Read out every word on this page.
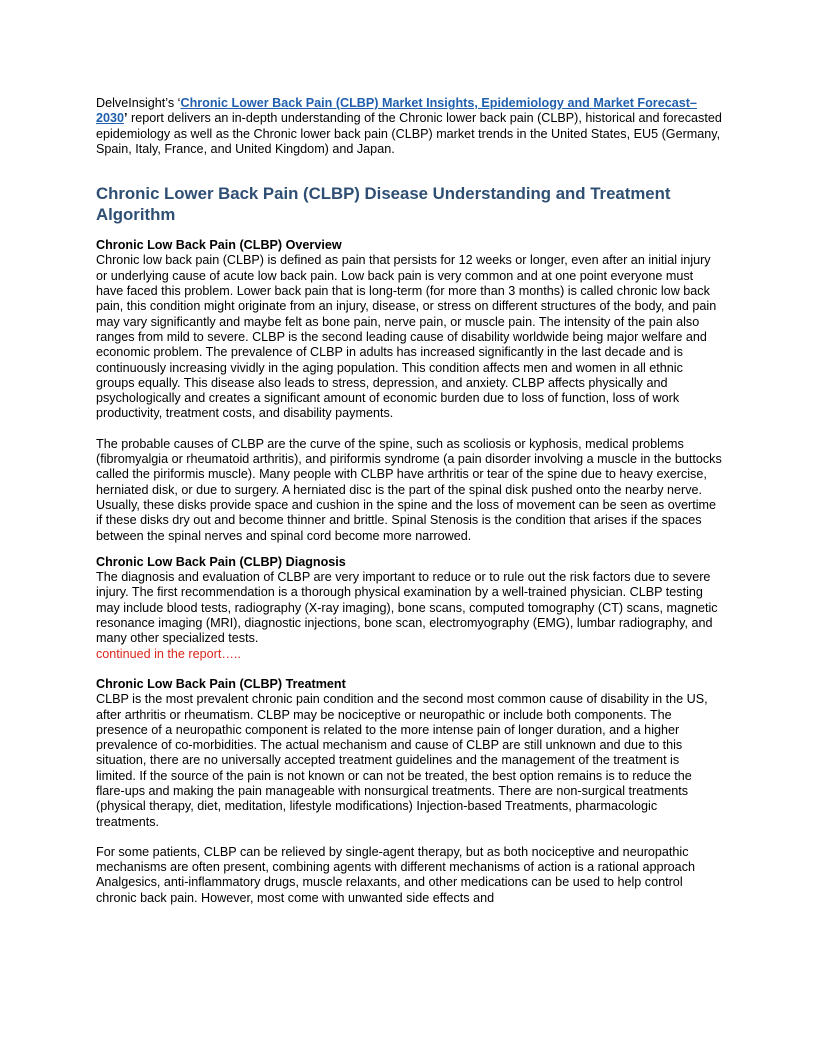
DelveInsight’s ‘Chronic Lower Back Pain (CLBP) Market Insights, Epidemiology and Market Forecast–2030’ report delivers an in-depth understanding of the Chronic lower back pain (CLBP), historical and forecasted epidemiology as well as the Chronic lower back pain (CLBP) market trends in the United States, EU5 (Germany, Spain, Italy, France, and United Kingdom) and Japan.

Chronic Lower Back Pain (CLBP) Disease Understanding and Treatment Algorithm
Chronic Low Back Pain (CLBP) Overview

Chronic low back pain (CLBP) is defined as pain that persists for 12 weeks or longer, even after an initial injury or underlying cause of acute low back pain. Low back pain is very common and at one point everyone must have faced this problem. Lower back pain that is long-term (for more than 3 months) is called chronic low back pain, this condition might originate from an injury, disease, or stress on different structures of the body, and pain may vary significantly and maybe felt as bone pain, nerve pain, or muscle pain. The intensity of the pain also ranges from mild to severe. CLBP is the second leading cause of disability worldwide being major welfare and economic problem. The prevalence of CLBP in adults has increased significantly in the last decade and is continuously increasing vividly in the aging population. This condition affects men and women in all ethnic groups equally. This disease also leads to stress, depression, and anxiety. CLBP affects physically and psychologically and creates a significant amount of economic burden due to loss of function, loss of work productivity, treatment costs, and disability payments.

The probable causes of CLBP are the curve of the spine, such as scoliosis or kyphosis, medical problems (fibromyalgia or rheumatoid arthritis), and piriformis syndrome (a pain disorder involving a muscle in the buttocks called the piriformis muscle). Many people with CLBP have arthritis or tear of the spine due to heavy exercise, herniated disk, or due to surgery. A herniated disc is the part of the spinal disk pushed onto the nearby nerve. Usually, these disks provide space and cushion in the spine and the loss of movement can be seen as overtime if these disks dry out and become thinner and brittle. Spinal Stenosis is the condition that arises if the spaces between the spinal nerves and spinal cord become more narrowed.

Chronic Low Back Pain (CLBP) Diagnosis

The diagnosis and evaluation of CLBP are very important to reduce or to rule out the risk factors due to severe injury. The first recommendation is a thorough physical examination by a well-trained physician. CLBP testing may include blood tests, radiography (X-ray imaging), bone scans, computed tomography (CT) scans, magnetic resonance imaging (MRI), diagnostic injections, bone scan, electromyography (EMG), lumbar radiography, and many other specialized tests.

continued in the report…..

Chronic Low Back Pain (CLBP) Treatment

CLBP is the most prevalent chronic pain condition and the second most common cause of disability in the US, after arthritis or rheumatism. CLBP may be nociceptive or neuropathic or include both components. The presence of a neuropathic component is related to the more intense pain of longer duration, and a higher prevalence of co-morbidities. The actual mechanism and cause of CLBP are still unknown and due to this situation, there are no universally accepted treatment guidelines and the management of the treatment is limited. If the source of the pain is not known or can not be treated, the best option remains is to reduce the flare-ups and making the pain manageable with nonsurgical treatments. There are non-surgical treatments (physical therapy, diet, meditation, lifestyle modifications) Injection-based Treatments, pharmacologic treatments.

For some patients, CLBP can be relieved by single-agent therapy, but as both nociceptive and neuropathic mechanisms are often present, combining agents with different mechanisms of action is a rational approach Analgesics, anti-inflammatory drugs, muscle relaxants, and other medications can be used to help control chronic back pain. However, most come with unwanted side effects and
